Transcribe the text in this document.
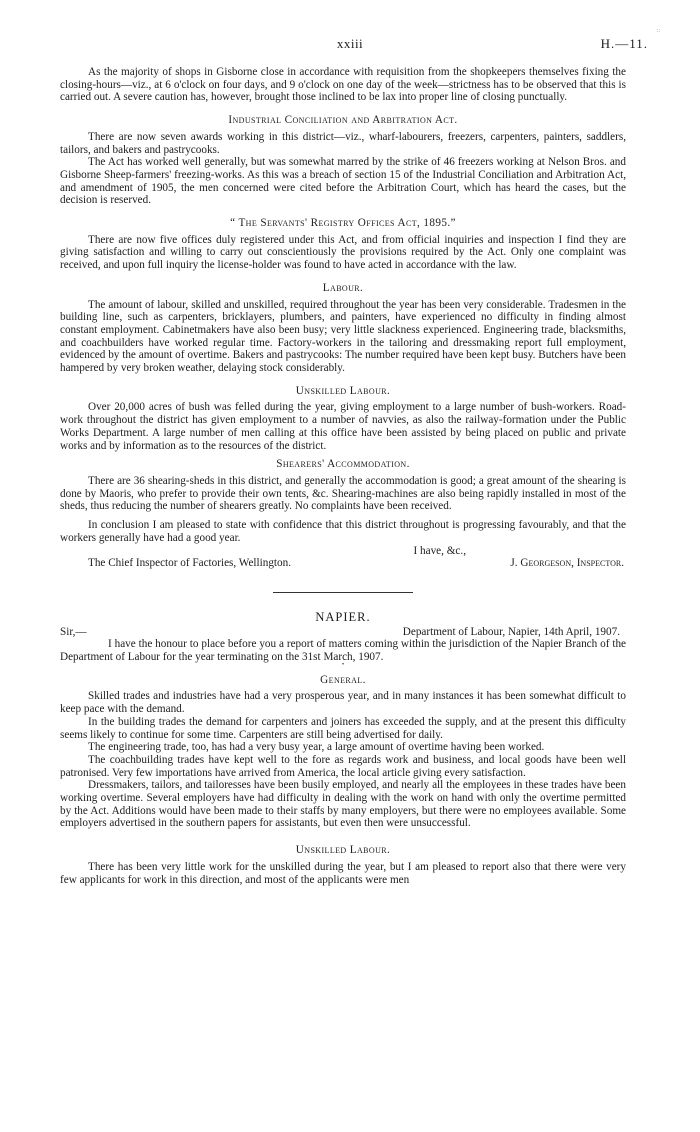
::
xxiii	H.—11.

As the majority of shops in Gisborne close in accordance with requisition from the shopkeepers themselves fixing the closing-hours—viz., at 6 o'clock on four days, and 9 o'clock on one day of the week—strictness has to be observed that this is carried out. A severe caution has, however, brought those inclined to be lax into proper line of closing punctually.

Industrial Conciliation and Arbitration Act.

There are now seven awards working in this district—viz., wharf-labourers, freezers, carpenters, painters, saddlers, tailors, and bakers and pastrycooks.

The Act has worked well generally, but was somewhat marred by the strike of 46 freezers working at Nelson Bros. and Gisborne Sheep-farmers' freezing-works. As this was a breach of section 15 of the Industrial Conciliation and Arbitration Act, and amendment of 1905, the men concerned were cited before the Arbitration Court, which has heard the cases, but the decision is reserved.

“ The Servants' Registry Offices Act, 1895.”

There are now five offices duly registered under this Act, and from official inquiries and inspection I find they are giving satisfaction and willing to carry out conscientiously the provisions required by the Act. Only one complaint was received, and upon full inquiry the license-holder was found to have acted in accordance with the law.

Labour.

The amount of labour, skilled and unskilled, required throughout the year has been very considerable. Tradesmen in the building line, such as carpenters, bricklayers, plumbers, and painters, have experienced no difficulty in finding almost constant employment. Cabinetmakers have also been busy; very little slackness experienced. Engineering trade, blacksmiths, and coachbuilders have worked regular time. Factory-workers in the tailoring and dressmaking report full employment, evidenced by the amount of overtime. Bakers and pastrycooks: The number required have been kept busy. Butchers have been hampered by very broken weather, delaying stock considerably.

Unskilled Labour.

Over 20,000 acres of bush was felled during the year, giving employment to a large number of bush-workers. Road-work throughout the district has given employment to a number of navvies, as also the railway-formation under the Public Works Department. A large number of men calling at this office have been assisted by being placed on public and private works and by information as to the resources of the district.

Shearers' Accommodation.

There are 36 shearing-sheds in this district, and generally the accommodation is good; a great amount of the shearing is done by Maoris, who prefer to provide their own tents, &c. Shearing-machines are also being rapidly installed in most of the sheds, thus reducing the number of shearers greatly. No complaints have been received.

In conclusion I am pleased to state with confidence that this district throughout is progressing favourably, and that the workers generally have had a good year.

I have, &c.,
The Chief Inspector of Factories, Wellington.	J. Georgeson, Inspector.
NAPIER.
Sir,—	Department of Labour, Napier, 14th April, 1907.

I have the honour to place before you a report of matters coming within the jurisdiction of the Napier Branch of the Department of Labour for the year terminating on the 31st March, 1907.

•
General.

Skilled trades and industries have had a very prosperous year, and in many instances it has been somewhat difficult to keep pace with the demand.

In the building trades the demand for carpenters and joiners has exceeded the supply, and at the present this difficulty seems likely to continue for some time. Carpenters are still being advertised for daily.

The engineering trade, too, has had a very busy year, a large amount of overtime having been worked.

The coachbuilding trades have kept well to the fore as regards work and business, and local goods have been well patronised. Very few importations have arrived from America, the local article giving every satisfaction.

Dressmakers, tailors, and tailoresses have been busily employed, and nearly all the employees in these trades have been working overtime. Several employers have had difficulty in dealing with the work on hand with only the overtime permitted by the Act. Additions would have been made to their staffs by many employers, but there were no employees available. Some employers advertised in the southern papers for assistants, but even then were unsuccessful.

Unskilled Labour.

There has been very little work for the unskilled during the year, but I am pleased to report also that there were very few applicants for work in this direction, and most of the applicants were men
